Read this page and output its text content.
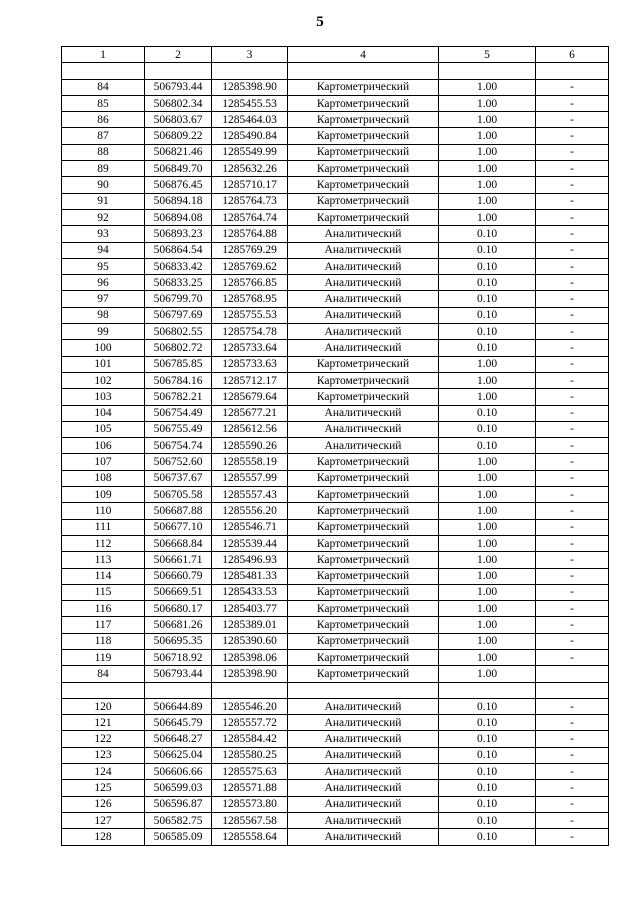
5
1	2	3	4	5	6

84	506793.44	1285398.90	Картометрический	1.00	-
85	506802.34	1285455.53	Картометрический	1.00	-
86	506803.67	1285464.03	Картометрический	1.00	-
87	506809.22	1285490.84	Картометрический	1.00	-
88	506821.46	1285549.99	Картометрический	1.00	-
89	506849.70	1285632.26	Картометрический	1.00	-
90	506876.45	1285710.17	Картометрический	1.00	-
91	506894.18	1285764.73	Картометрический	1.00	-
92	506894.08	1285764.74	Картометрический	1.00	-
93	506893.23	1285764.88	Аналитический	0.10	-
94	506864.54	1285769.29	Аналитический	0.10	-
95	506833.42	1285769.62	Аналитический	0.10	-
96	506833.25	1285766.85	Аналитический	0.10	-
97	506799.70	1285768.95	Аналитический	0.10	-
98	506797.69	1285755.53	Аналитический	0.10	-
99	506802.55	1285754.78	Аналитический	0.10	-
100	506802.72	1285733.64	Аналитический	0.10	-
101	506785.85	1285733.63	Картометрический	1.00	-
102	506784.16	1285712.17	Картометрический	1.00	-
103	506782.21	1285679.64	Картометрический	1.00	-
104	506754.49	1285677.21	Аналитический	0.10	-
105	506755.49	1285612.56	Аналитический	0.10	-
106	506754.74	1285590.26	Аналитический	0.10	-
107	506752.60	1285558.19	Картометрический	1.00	-
108	506737.67	1285557.99	Картометрический	1.00	-
109	506705.58	1285557.43	Картометрический	1.00	-
110	506687.88	1285556.20	Картометрический	1.00	-
111	506677.10	1285546.71	Картометрический	1.00	-
112	506668.84	1285539.44	Картометрический	1.00	-
113	506661.71	1285496.93	Картометрический	1.00	-
114	506660.79	1285481.33	Картометрический	1.00	-
115	506669.51	1285433.53	Картометрический	1.00	-
116	506680.17	1285403.77	Картометрический	1.00	-
117	506681.26	1285389.01	Картометрический	1.00	-
118	506695.35	1285390.60	Картометрический	1.00	-
119	506718.92	1285398.06	Картометрический	1.00	-
84	506793.44	1285398.90	Картометрический	1.00	

120	506644.89	1285546.20	Аналитический	0.10	-
121	506645.79	1285557.72	Аналитический	0.10	-
122	506648.27	1285584.42	Аналитический	0.10	-
123	506625.04	1285580.25	Аналитический	0.10	-
124	506606.66	1285575.63	Аналитический	0.10	-
125	506599.03	1285571.88	Аналитический	0.10	-
126	506596.87	1285573.80	Аналитический	0.10	-
127	506582.75	1285567.58	Аналитический	0.10	-
128	506585.09	1285558.64	Аналитический	0.10	-
